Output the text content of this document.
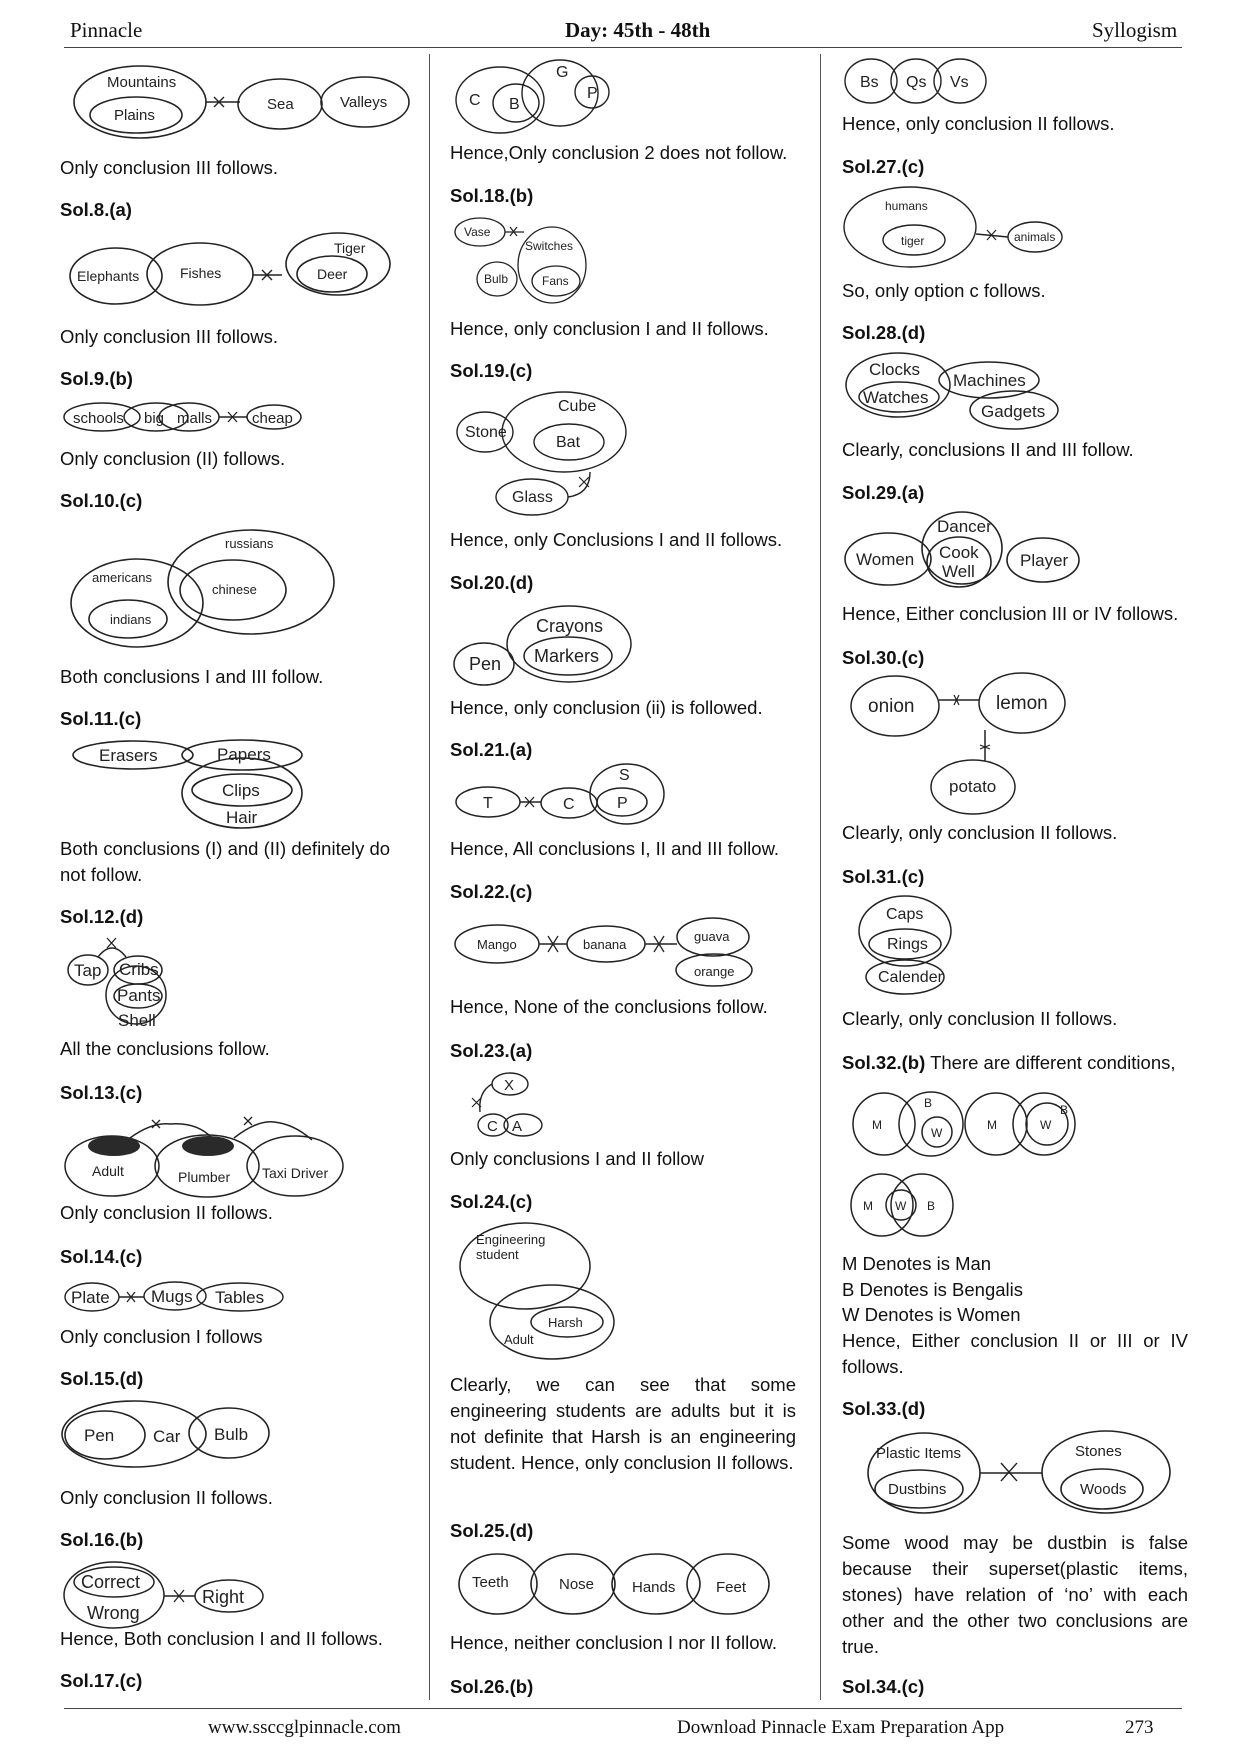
Pinnacle	Day: 45th - 48th	Syllogism
Mountains
Plains
Sea	Valleys
Only conclusion III follows.
Sol.8.(a)
Elephants	Fishes
Tiger
Deer
Only conclusion III follows.
Sol.9.(b)
schools big malls	cheap
Only conclusion (II) follows.
Sol.10.(c)
russians
americans
chinese
indians
Both conclusions I and III follow.
Sol.11.(c)
Erasers	Papers
Clips
Hair
Both conclusions (I) and (II) definitely do
not follow.
Sol.12.(d)
Tap Cribs
Pants
Shell
All the conclusions follow.
Sol.13.(c)
Adult	Plumber Taxi Driver
Only conclusion II follows.
Sol.14.(c)
Plate Mugs Tables
Only conclusion I follows
Sol.15.(d)
Pen Car Bulb
Only conclusion II follows.
Sol.16.(b)
Correct
Wrong
Right
Hence, Both conclusion I and II follows.
Sol.17.(c)
C B
G
P
Hence,Only conclusion 2 does not follow.
Sol.18.(b)
Vase
Switches
Bulb	Fans
Hence, only conclusion I and II follows.
Sol.19.(c)
Cube
Stone
Bat
Glass
Hence, only Conclusions I and II follows.
Sol.20.(d)
Crayons
Markers
Pen
Hence, only conclusion (ii) is followed.
Sol.21.(a)
T	C
S
P
Hence, All conclusions I, II and III follow.
Sol.22.(c)
Mango	banana
guava
orange
Hence, None of the conclusions follow.
Sol.23.(a)
X
C A
Only conclusions I and II follow
Sol.24.(c)
Engineering
student
Harsh
Adult
Clearly, we can see that some engineering students are adults but it is not definite that Harsh is an engineering student. Hence, only conclusion II follows.
Sol.25.(d)
Teeth	Nose	Hands	Feet
Hence, neither conclusion I nor II follow.
Sol.26.(b)
Bs Qs Vs
Hence, only conclusion II follows.
Sol.27.(c)
humans
tiger	animals
So, only option c follows.
Sol.28.(d)
Clocks
Watches
Machines
Gadgets
Clearly, conclusions II and III follow.
Sol.29.(a)
Dancer
Women Cook
Well
Player
Hence, Either conclusion III or IV follows.
Sol.30.(c)
onion	lemon
potato
Clearly, only conclusion II follows.
Sol.31.(c)
Caps
Rings
Calender
Clearly, only conclusion II follows.
Sol.32.(b) There are different conditions,
M
B
W
M
B
W
M W B
M Denotes is Man
B Denotes is Bengalis
W Denotes is Women
Hence, Either conclusion II or III or IV follows.
Sol.33.(d)
Plastic Items
Dustbins
Stones
Woods
Some wood may be dustbin is false because their superset(plastic items, stones) have relation of ‘no’ with each other and the other two conclusions are true.
Sol.34.(c)
www.ssccglpinnacle.com	Download Pinnacle Exam Preparation App	273
